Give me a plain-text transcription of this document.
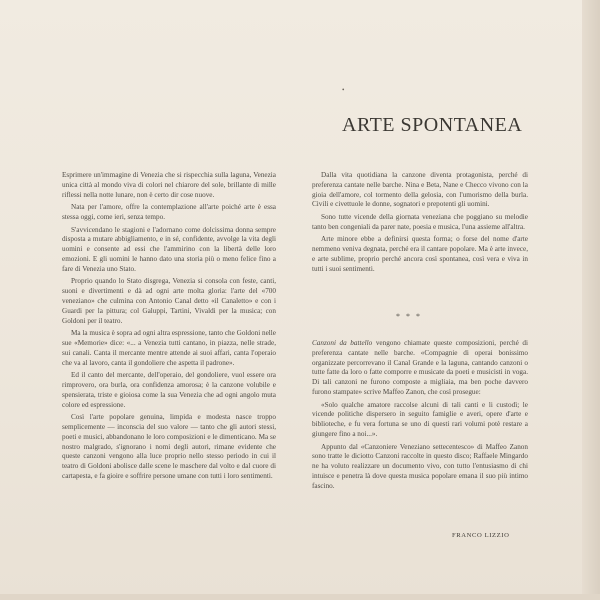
•
ARTE SPONTANEA

Esprimere un'immagine di Venezia che si rispecchia sulla laguna, Venezia unica città al mondo viva di colori nel chiarore del sole, brillante di mille riflessi nella notte lunare, non è certo dir cose nuove.

Nata per l'amore, offre la contemplazione all'arte poiché arte è essa stessa oggi, come ieri, senza tempo.

S'avvicendano le stagioni e l'adornano come dolcissima donna sempre disposta a mutare abbigliamento, e in sé, confidente, avvolge la vita degli uomini e consente ad essi che l'ammirino con la libertà delle loro emozioni. E gli uomini le hanno dato una storia più o meno felice fino a fare di Venezia uno Stato.

Proprio quando lo Stato disgrega, Venezia si consola con feste, canti, suoni e divertimenti e dà ad ogni arte molta gloria: l'arte del «700 veneziano» che culmina con Antonio Canal detto «il Canaletto» e con i Guardi per la pittura; col Galuppi, Tartini, Vivaldi per la musica; con Goldoni per il teatro.

Ma la musica è sopra ad ogni altra espressione, tanto che Goldoni nelle sue «Memorie» dice: «... a Venezia tutti cantano, in piazza, nelle strade, sui canali. Canta il mercante mentre attende ai suoi affari, canta l'operaio che va al lavoro, canta il gondoliere che aspetta il padrone».

Ed il canto del mercante, dell'operaio, del gondoliere, vuol essere ora rimprovero, ora burla, ora confidenza amorosa; è la canzone volubile e spensierata, triste e gioiosa come la sua Venezia che ad ogni angolo muta colore ed espressione.

Così l'arte popolare genuina, limpida e modesta nasce troppo semplicemente — inconscia del suo valore — tanto che gli autori stessi, poeti e musici, abbandonano le loro composizioni e le dimenticano. Ma se nostro malgrado, s'ignorano i nomi degli autori, rimane evidente che queste canzoni vengono alla luce proprio nello stesso periodo in cui il teatro di Goldoni abolisce dalle scene le maschere dal volto e dal cuore di cartapesta, e fa gioire e soffrire persone umane con tutti i loro sentimenti.

Dalla vita quotidiana la canzone diventa protagonista, perché di preferenza cantate nelle barche. Nina e Beta, Nane e Checco vivono con la gioia dell'amore, col tormento della gelosia, con l'umorismo della burla. Civili e civettuole le donne, sognatori e prepotenti gli uomini.

Sono tutte vicende della giornata veneziana che poggiano su melodie tanto ben congeniali da parer nate, poesia e musica, l'una assieme all'altra.

Arte minore ebbe a definirsi questa forma; o forse del nome d'arte nemmeno veniva degnata, perché era il cantare popolare. Ma è arte invece, e arte sublime, proprio perché ancora così spontanea, così vera e viva in tutti i suoi sentimenti.

* * *

Canzoni da battello vengono chiamate queste composizioni, perché di preferenza cantate nelle barche. «Compagnie di operai bonissimo organizzate percorrevano il Canal Grande e la laguna, cantando canzoni o tutte fatte da loro o fatte comporre e musicate da poeti e musicisti in voga. Di tali canzoni ne furono composte a migliaia, ma ben poche davvero furono stampate» scrive Maffeo Zanon, che così prosegue:

«Solo qualche amatore raccolse alcuni di tali canti e li custodì; le vicende politiche dispersero in seguito famiglie e averi, opere d'arte e biblioteche, e fu vera fortuna se uno di questi rari volumi potè restare a giungere fino a noi...».

Appunto dal «Canzoniere Veneziano settecentesco» di Maffeo Zanon sono tratte le diciotto Canzoni raccolte in questo disco; Raffaele Mingardo ne ha voluto realizzare un documento vivo, con tutto l'entusiasmo di chi intuisce e penetra là dove questa musica popolare emana il suo più intimo fascino.

FRANCO LIZZIO
